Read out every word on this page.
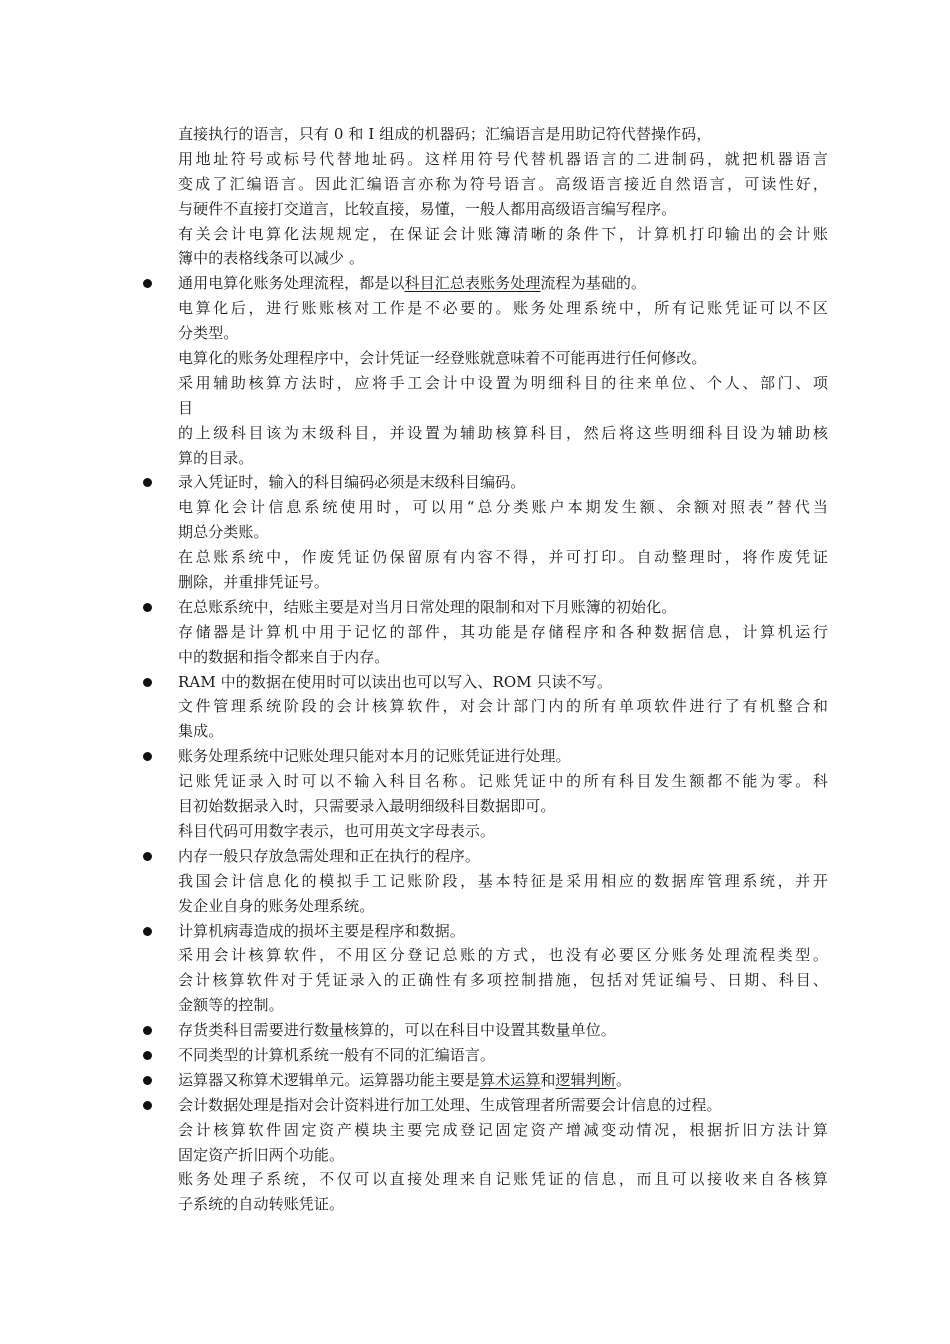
直接执行的语言，只有 0 和 I 组成的机器码；汇编语言是用助记符代替操作码，
用地址符号或标号代替地址码。这样用符号代替机器语言的二进制码，就把机器语言
变成了汇编语言。因此汇编语言亦称为符号语言。高级语言接近自然语言，可读性好，
与硬件不直接打交道言，比较直接，易懂，一般人都用高级语言编写程序。
有关会计电算化法规规定，在保证会计账簿清晰的条件下，计算机打印输出的会计账
簿中的表格线条可以减少 。
通用电算化账务处理流程，都是以科目汇总表账务处理流程为基础的。
电算化后，进行账账核对工作是不必要的。账务处理系统中，所有记账凭证可以不区
分类型。
电算化的账务处理程序中，会计凭证一经登账就意味着不可能再进行任何修改。
采用辅助核算方法时，应将手工会计中设置为明细科目的往来单位、个人、部门、项
目
的上级科目该为末级科目，并设置为辅助核算科目，然后将这些明细科目设为辅助核
算的目录。
录入凭证时，输入的科目编码必须是末级科目编码。
电算化会计信息系统使用时，可以用“总分类账户本期发生额、余额对照表”替代当
期总分类账。
在总账系统中，作废凭证仍保留原有内容不得，并可打印。自动整理时，将作废凭证
删除，并重排凭证号。
在总账系统中，结账主要是对当月日常处理的限制和对下月账簿的初始化。
存储器是计算机中用于记忆的部件，其功能是存储程序和各种数据信息，计算机运行
中的数据和指令都来自于内存。
RAM 中的数据在使用时可以读出也可以写入、ROM 只读不写。
文件管理系统阶段的会计核算软件，对会计部门内的所有单项软件进行了有机整合和
集成。
账务处理系统中记账处理只能对本月的记账凭证进行处理。
记账凭证录入时可以不输入科目名称。记账凭证中的所有科目发生额都不能为零。科
目初始数据录入时，只需要录入最明细级科目数据即可。
科目代码可用数字表示，也可用英文字母表示。
内存一般只存放急需处理和正在执行的程序。
我国会计信息化的模拟手工记账阶段，基本特征是采用相应的数据库管理系统，并开
发企业自身的账务处理系统。
计算机病毒造成的损坏主要是程序和数据。
采用会计核算软件，不用区分登记总账的方式，也没有必要区分账务处理流程类型。
会计核算软件对于凭证录入的正确性有多项控制措施，包括对凭证编号、日期、科目、
金额等的控制。
存货类科目需要进行数量核算的，可以在科目中设置其数量单位。
不同类型的计算机系统一般有不同的汇编语言。
运算器又称算术逻辑单元。运算器功能主要是算术运算和逻辑判断。
会计数据处理是指对会计资料进行加工处理、生成管理者所需要会计信息的过程。
会计核算软件固定资产模块主要完成登记固定资产增减变动情况，根据折旧方法计算
固定资产折旧两个功能。
账务处理子系统，不仅可以直接处理来自记账凭证的信息，而且可以接收来自各核算
子系统的自动转账凭证。
